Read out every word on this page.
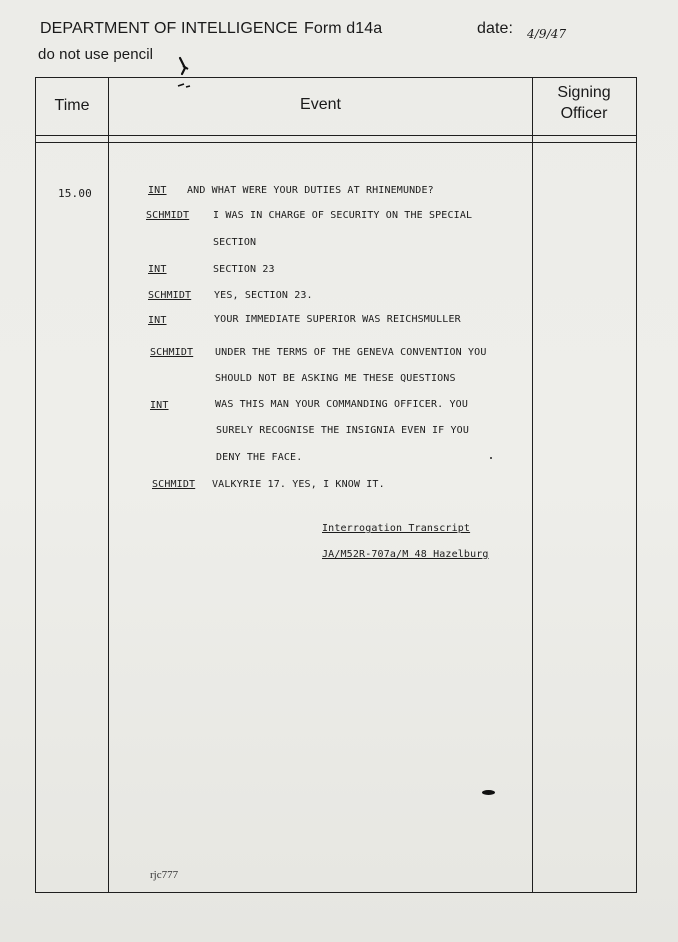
DEPARTMENT OF INTELLIGENCE Form d14a	date: 4/9/47
do not use pencil
Time	Event
Signing
Officer
15.00	INT AND WHAT WERE YOUR DUTIES AT RHINEMUNDE?
SCHMIDT I WAS IN CHARGE OF SECURITY ON THE SPECIAL
SECTION
INT	SECTION 23
SCHMIDT YES, SECTION 23.
INT	YOUR IMMEDIATE SUPERIOR WAS REICHSMULLER
SCHMIDT UNDER THE TERMS OF THE GENEVA CONVENTION YOU
SHOULD NOT BE ASKING ME THESE QUESTIONS
INT	WAS THIS MAN YOUR COMMANDING OFFICER. YOU
SURELY RECOGNISE THE INSIGNIA EVEN IF YOU
DENY THE FACE.
SCHMIDT VALKYRIE 17. YES, I KNOW IT.
Interrogation Transcript
JA/M52R-707a/M 48 Hazelburg
rjc777
